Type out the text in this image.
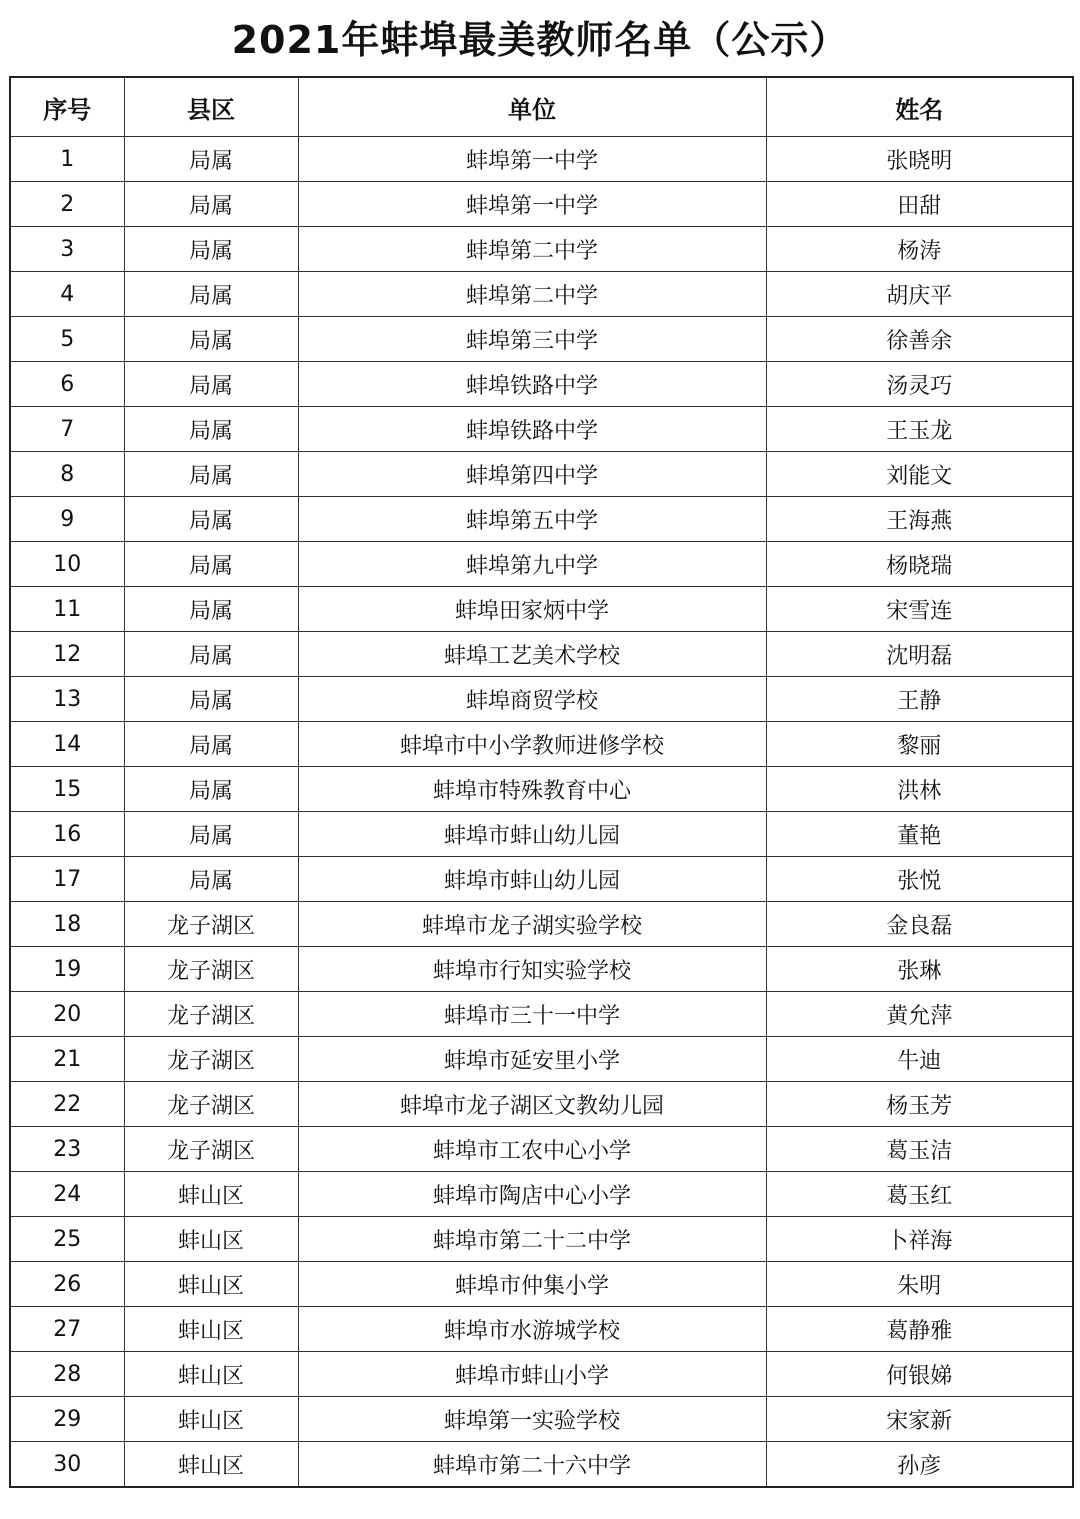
2021年蚌埠最美教师名单（公示）
序号	县区	单位	姓名
1	局属	蚌埠第一中学	张晓明
2	局属	蚌埠第一中学	田甜
3	局属	蚌埠第二中学	杨涛
4	局属	蚌埠第二中学	胡庆平
5	局属	蚌埠第三中学	徐善余
6	局属	蚌埠铁路中学	汤灵巧
7	局属	蚌埠铁路中学	王玉龙
8	局属	蚌埠第四中学	刘能文
9	局属	蚌埠第五中学	王海燕
10	局属	蚌埠第九中学	杨晓瑞
11	局属	蚌埠田家炳中学	宋雪连
12	局属	蚌埠工艺美术学校	沈明磊
13	局属	蚌埠商贸学校	王静
14	局属	蚌埠市中小学教师进修学校	黎丽
15	局属	蚌埠市特殊教育中心	洪林
16	局属	蚌埠市蚌山幼儿园	董艳
17	局属	蚌埠市蚌山幼儿园	张悦
18	龙子湖区	蚌埠市龙子湖实验学校	金良磊
19	龙子湖区	蚌埠市行知实验学校	张琳
20	龙子湖区	蚌埠市三十一中学	黄允萍
21	龙子湖区	蚌埠市延安里小学	牛迪
22	龙子湖区	蚌埠市龙子湖区文教幼儿园	杨玉芳
23	龙子湖区	蚌埠市工农中心小学	葛玉洁
24	蚌山区	蚌埠市陶店中心小学	葛玉红
25	蚌山区	蚌埠市第二十二中学	卜祥海
26	蚌山区	蚌埠市仲集小学	朱明
27	蚌山区	蚌埠市水游城学校	葛静雅
28	蚌山区	蚌埠市蚌山小学	何银娣
29	蚌山区	蚌埠第一实验学校	宋家新
30	蚌山区	蚌埠市第二十六中学	孙彦
